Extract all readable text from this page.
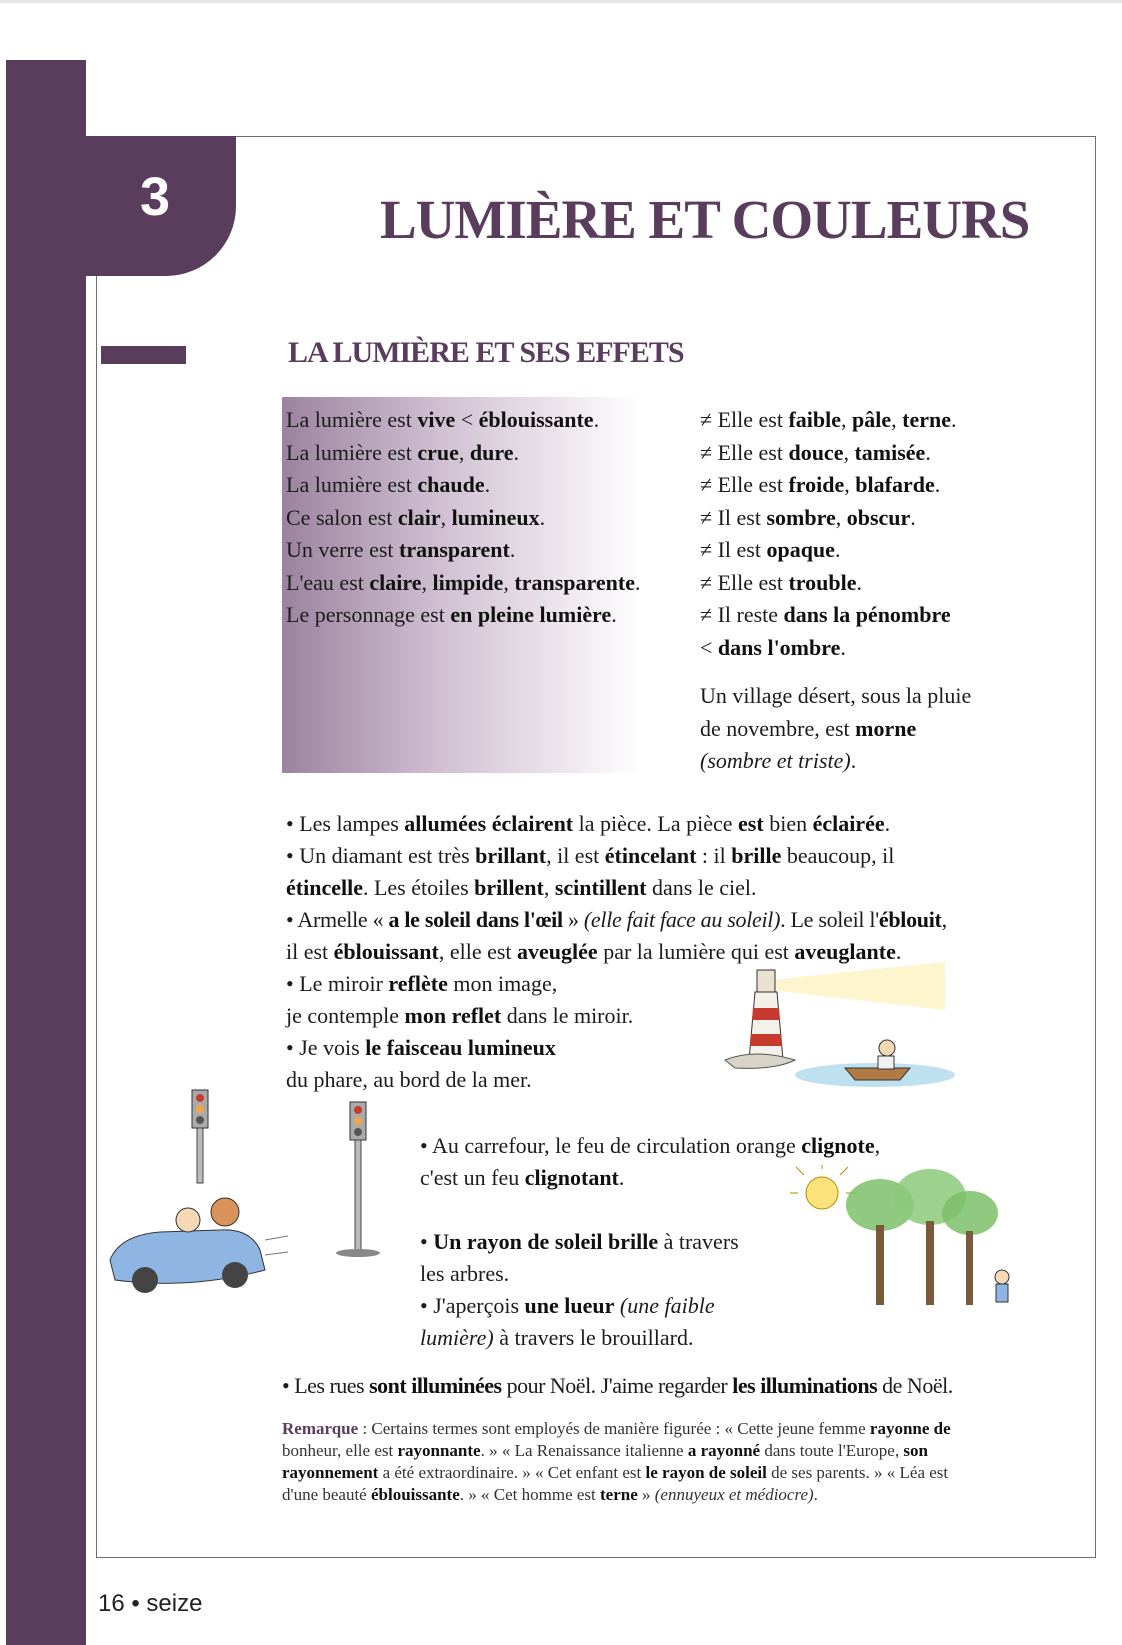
3	LUMIÈRE ET COULEURS
LA LUMIÈRE ET SES EFFETS
La lumière est vive < éblouissante.
La lumière est crue, dure.
La lumière est chaude.
Ce salon est clair, lumineux.
Un verre est transparent.
L'eau est claire, limpide, transparente.
Le personnage est en pleine lumière.
≠ Elle est faible, pâle, terne.
≠ Elle est douce, tamisée.
≠ Elle est froide, blafarde.
≠ Il est sombre, obscur.
≠ Il est opaque.
≠ Elle est trouble.
≠ Il reste dans la pénombre
< dans l'ombre.
Un village désert, sous la pluie
de novembre, est morne
(sombre et triste).
• Les lampes allumées éclairent la pièce. La pièce est bien éclairée.
• Un diamant est très brillant, il est étincelant : il brille beaucoup, il
étincelle. Les étoiles brillent, scintillent dans le ciel.
• Armelle « a le soleil dans l'œil » (elle fait face au soleil). Le soleil l'éblouit,
il est éblouissant, elle est aveuglée par la lumière qui est aveuglante.
• Le miroir reflète mon image,
je contemple mon reflet dans le miroir.
• Je vois le faisceau lumineux
du phare, au bord de la mer.
• Au carrefour, le feu de circulation orange clignote,
c'est un feu clignotant.
• Un rayon de soleil brille à travers
les arbres.
• J'aperçois une lueur (une faible
lumière) à travers le brouillard.
• Les rues sont illuminées pour Noël. J'aime regarder les illuminations de Noël.
Remarque : Certains termes sont employés de manière figurée : « Cette jeune femme rayonne de bonheur, elle est rayonnante. » « La Renaissance italienne a rayonné dans toute l'Europe, son rayonnement a été extraordinaire. » « Cet enfant est le rayon de soleil de ses parents. » « Léa est d'une beauté éblouissante. » « Cet homme est terne » (ennuyeux et médiocre).
16 • seize
